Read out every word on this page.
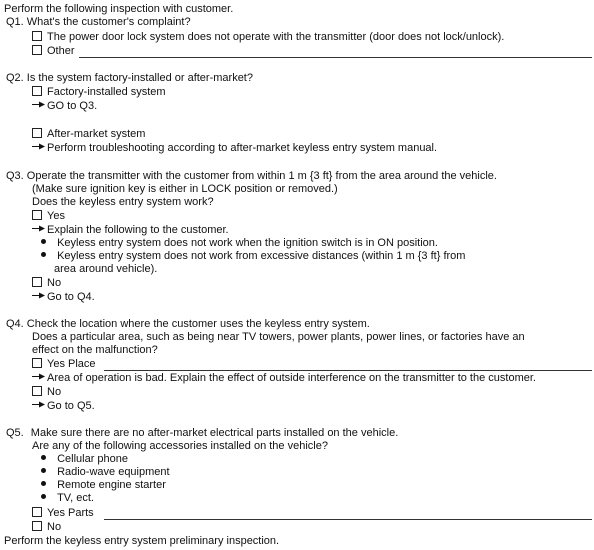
Perform the following inspection with customer.
Q1. What's the customer's complaint?
The power door lock system does not operate with the transmitter (door does not lock/unlock).
Other
Q2. Is the system factory-installed or after-market?
Factory-installed system
GO to Q3.
After-market system
Perform troubleshooting according to after-market keyless entry system manual.
Q3. Operate the transmitter with the customer from within 1 m {3 ft} from the area around the vehicle.
(Make sure ignition key is either in LOCK position or removed.)
Does the keyless entry system work?
Yes
Explain the following to the customer.
Keyless entry system does not work when the ignition switch is in ON position.
Keyless entry system does not work from excessive distances (within 1 m {3 ft} from
area around vehicle).
No
Go to Q4.
Q4. Check the location where the customer uses the keyless entry system.
Does a particular area, such as being near TV towers, power plants, power lines, or factories have an
effect on the malfunction?
Yes Place
Area of operation is bad. Explain the effect of outside interference on the transmitter to the customer.
No
Go to Q5.
Q5. Make sure there are no after-market electrical parts installed on the vehicle.
Are any of the following accessories installed on the vehicle?
Cellular phone
Radio-wave equipment
Remote engine starter
TV, ect.
Yes Parts
No
Perform the keyless entry system preliminary inspection.
